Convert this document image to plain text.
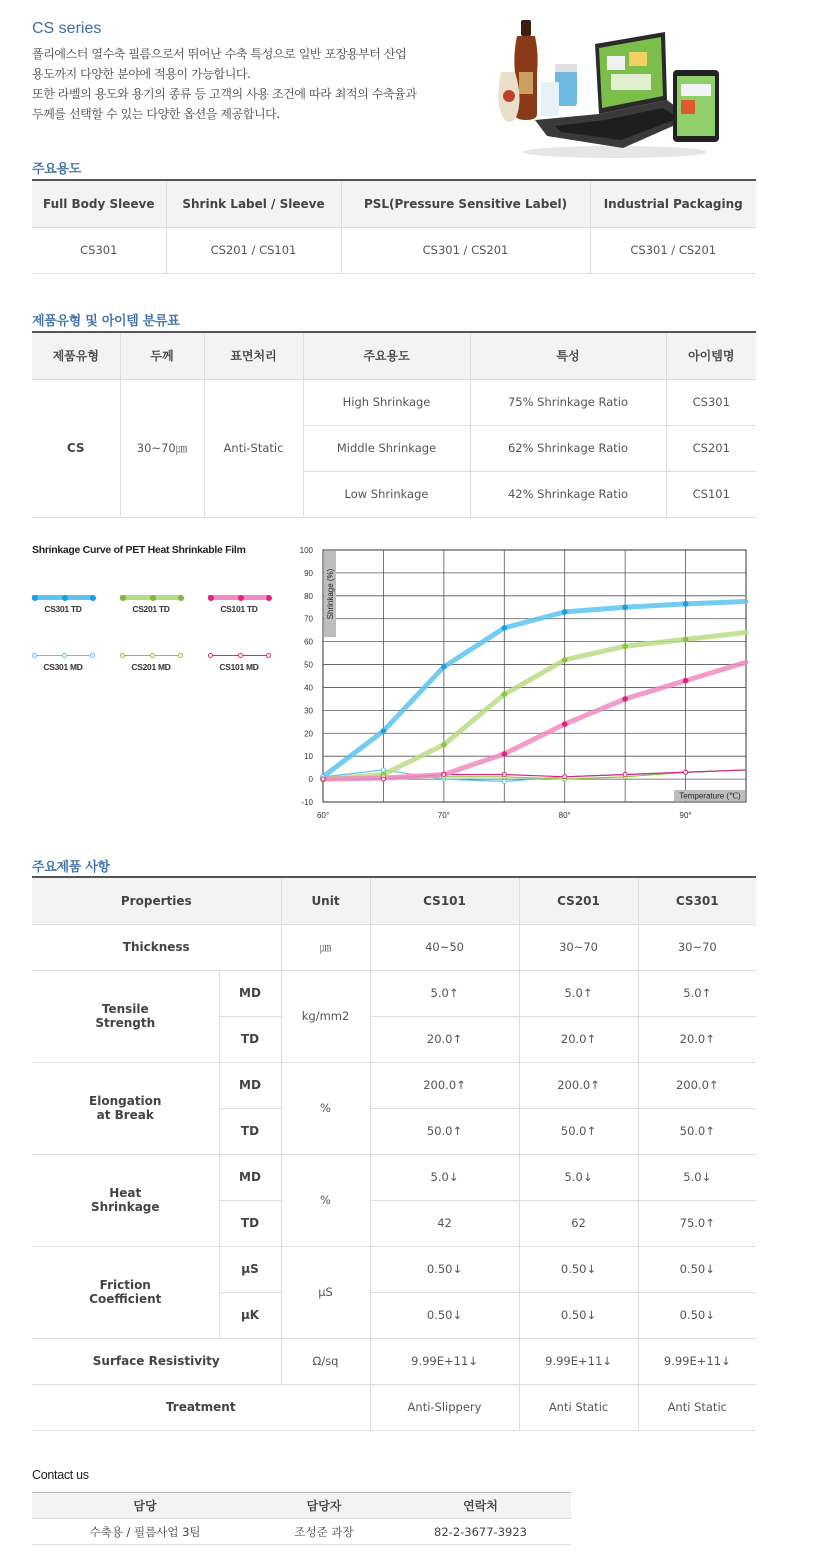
CS series

폴리에스터 열수축 필름으로서 뛰어난 수축 특성으로 일반 포장용부터 산업

용도까지 다양한 분야에 적용이 가능합니다.

또한 라벨의 용도와 용기의 종류 등 고객의 사용 조건에 따라 최적의 수축율과

두께를 선택할 수 있는 다양한 옵션을 제공합니다.

주요용도
Full Body Sleeve	Shrink Label / Sleeve	PSL(Pressure Sensitive Label)	Industrial Packaging
CS301	CS201 / CS101	CS301 / CS201	CS301 / CS201
제품유형 및 아이템 분류표
제품유형	두께	표면처리	주요용도	특성	아이템명
CS	30~70㎛	Anti-Static	High Shrinkage	75% Shrinkage Ratio	CS301
			Middle Shrinkage	62% Shrinkage Ratio	CS201
			Low Shrinkage	42% Shrinkage Ratio	CS101
Shrinkage Curve of PET Heat Shrinkable Film
CS301 TD	CS201 TD	CS101 TD
CS301 MD	CS201 MD	CS101 MD
100
90
80
70
60
50
40
30
20
10
0
-10
60°	70°	80°	90°
Shrinkage (%)
Temperature (℃)
주요제품 사항
Properties		Unit	CS101	CS201	CS301
Thickness		㎛	40~50	30~70	30~70
Tensile
Strength	MD	kg/mm2	5.0↑	5.0↑	5.0↑
	TD		20.0↑	20.0↑	20.0↑
Elongation
at Break	MD	%	200.0↑	200.0↑	200.0↑
	TD		50.0↑	50.0↑	50.0↑
Heat
Shrinkage	MD	%	5.0↓	5.0↓	5.0↓
	TD		42	62	75.0↑
Friction
Coefficient	μS	μS	0.50↓	0.50↓	0.50↓
	μK		0.50↓	0.50↓	0.50↓
Surface Resistivity		Ω/sq	9.99E+11↓	9.99E+11↓	9.99E+11↓
Treatment			Anti-Slippery	Anti Static	Anti Static
Contact us
담당	담당자	연락처
수축용 / 필름사업 3팀	조성준 과장	82-2-3677-3923
